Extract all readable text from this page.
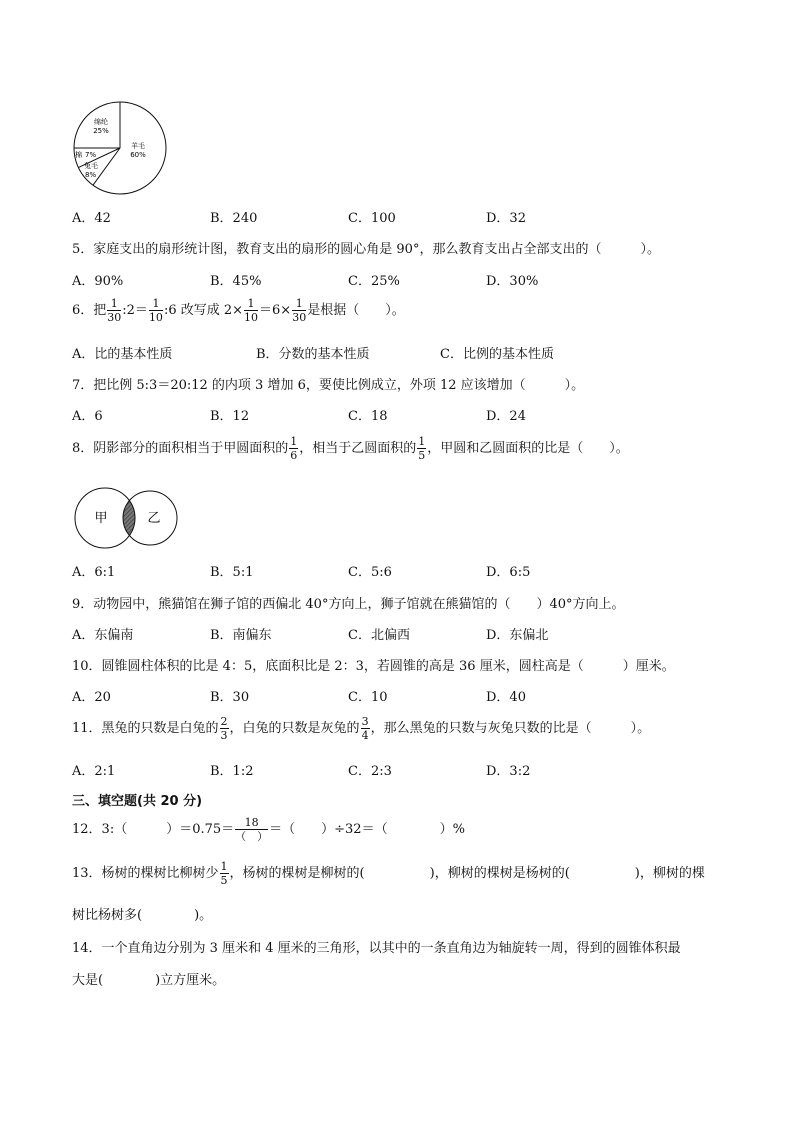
羊毛
60%
绵纶
25%
棉 7%
兔毛
8%
A．42	B．240	C．100	D．32
5．家庭支出的扇形统计图，教育支出的扇形的圆心角是 90°，那么教育支出占全部支出的（　　　）。
A．90%	B．45%	C．25%	D．30%
6．把 $\frac{1}{30}$ :2＝ $\frac{1}{10}$ :6 改写成 $2\times \frac{1}{10} =6\times \frac{1}{30}$ 是根据（　　）。
A．比的基本性质	B．分数的基本性质	C．比例的基本性质
7．把比例 5:3＝20:12 的内项 3 增加 6，要使比例成立，外项 12 应该增加（　　　）。
A．6	B．12	C．18	D．24
8．阴影部分的面积相当于甲圆面积的 $\frac{1}{6}$ ，相当于乙圆面积的 $\frac{1}{5}$ ，甲圆和乙圆面积的比是（　　）。
甲	乙
A．6:1	B．5:1	C．5:6	D．6:5
9．动物园中，熊猫馆在狮子馆的西偏北 40°方向上，狮子馆就在熊猫馆的（　　）40°方向上。
A．东偏南	B．南偏东	C．北偏西	D．东偏北
10．圆锥圆柱体积的比是 4：5，底面积比是 2：3，若圆锥的高是 36 厘米，圆柱高是（　　　）厘米。
A．20	B．30	C．10	D．40
11．黑兔的只数是白兔的 $\frac{2}{3}$ ，白兔的只数是灰兔的 $\frac{3}{4}$ ，那么黑兔的只数与灰兔只数的比是（　　　）。
A．2:1	B．1:2	C．2:3	D．3:2
三、填空题(共 20 分)
12．3:（　　　）$=0.75= \frac{18}{( )}$ ＝（　　）÷32＝（　　　　）%
13．杨树的棵树比柳树少 $\frac{1}{5}$ ，杨树的棵树是柳树的(　　　　　)，柳树的棵树是杨树的(　　　　　)，柳树的棵
树比杨树多(　　　　)。
14．一个直角边分别为 3 厘米和 4 厘米的三角形，以其中的一条直角边为轴旋转一周，得到的圆锥体积最
大是(　　　　)立方厘米。
